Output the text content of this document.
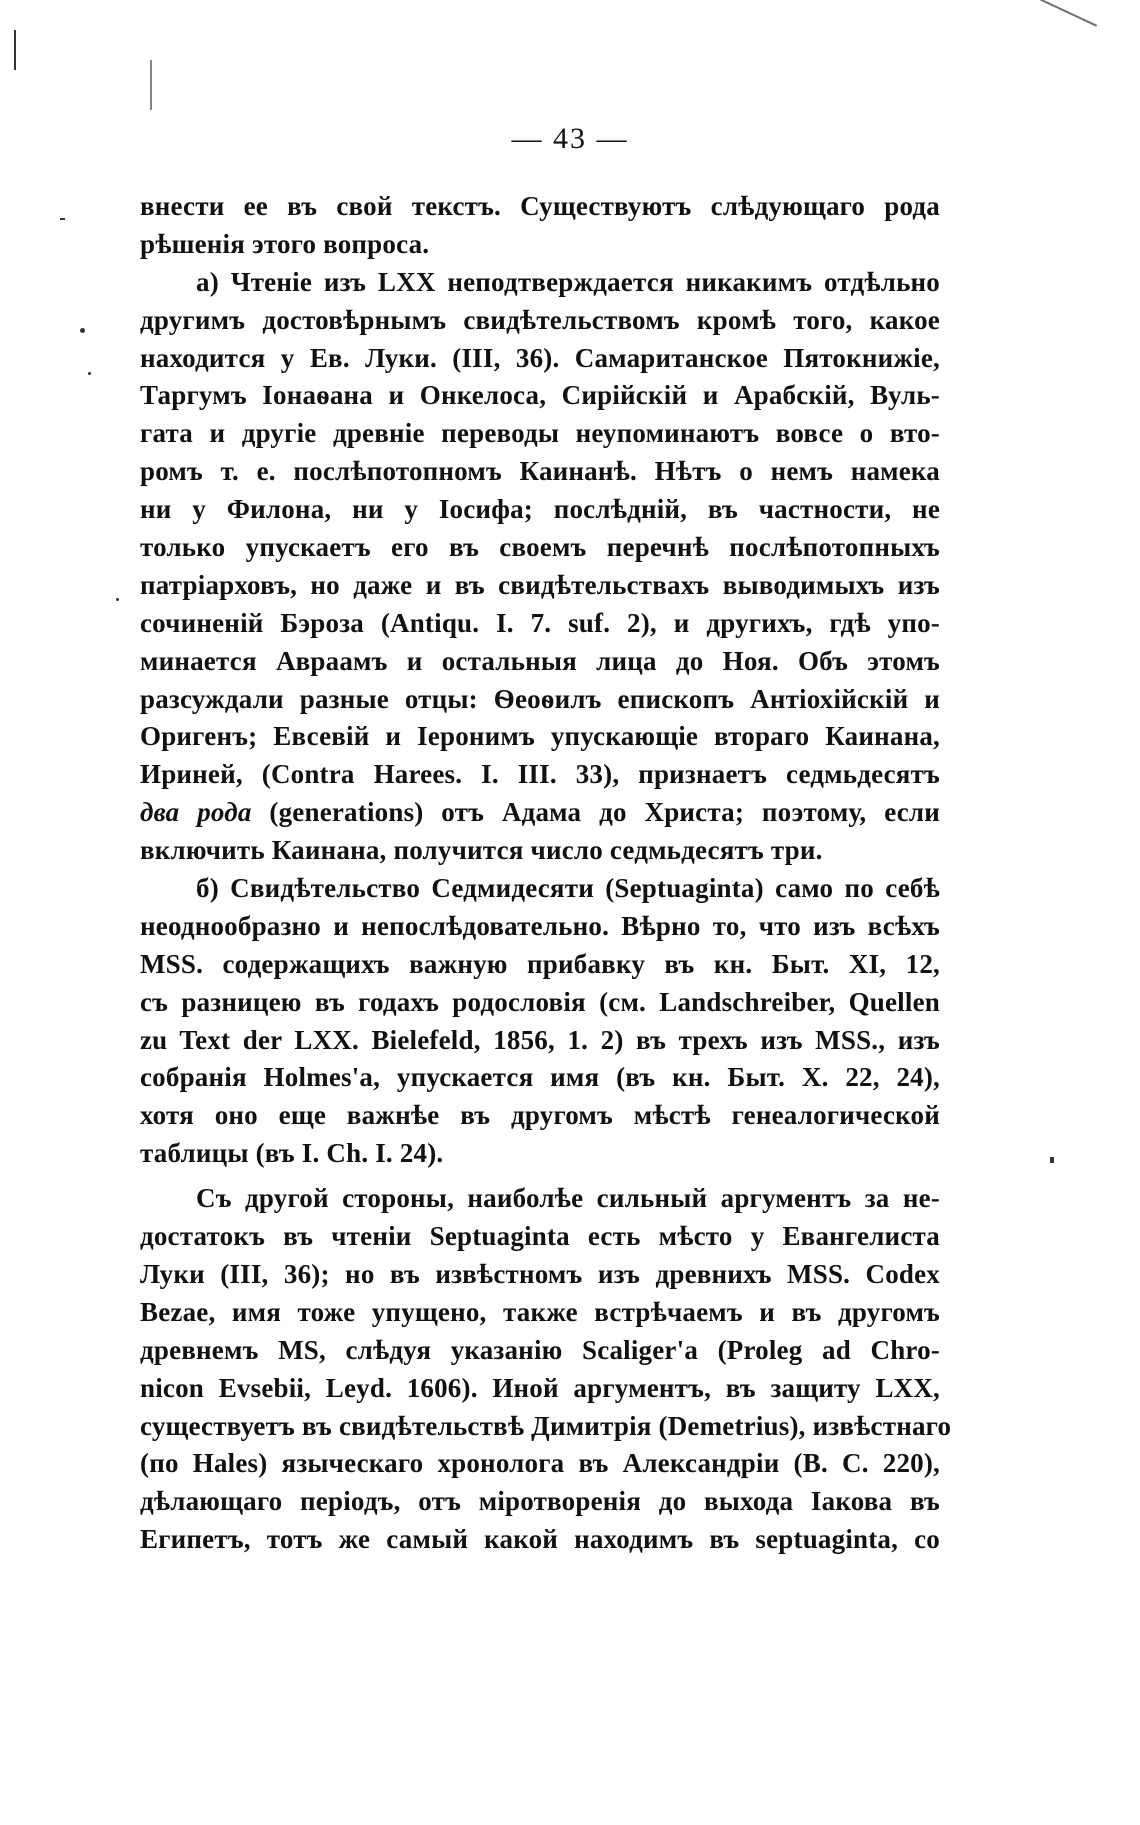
— 43 —
внести ее въ свой текстъ. Существуютъ слѣдующаго рода
рѣшенія этого вопроса.
а) Чтеніе изъ LXX неподтверждается никакимъ отдѣльно
другимъ достовѣрнымъ свидѣтельствомъ кромѣ того, какое
находится у Ев. Луки. (III, 36). Самаританское Пятокнижіе,
Таргумъ Іонаѳана и Онкелоса, Сирійскій и Арабскій, Вуль-
гата и другіе древніе переводы неупоминаютъ вовсе о вто-
ромъ т. е. послѣпотопномъ Каинанѣ. Нѣтъ о немъ намека
ни у Филона, ни у Іосифа; послѣдній, въ частности, не
только упускаетъ его въ своемъ перечнѣ послѣпотопныхъ
патріарховъ, но даже и въ свидѣтельствахъ выводимыхъ изъ
сочиненій Бэроза (Antiqu. I. 7. suf. 2), и другихъ, гдѣ упо-
минается Авраамъ и остальныя лица до Ноя. Объ этомъ
разсуждали разные отцы: Ѳеоѳилъ епископъ Антіохійскій и
Оригенъ; Евсевій и Іеронимъ упускающіе втораго Каинана,
Ириней, (Contra Harees. I. III. 33), признаетъ седмьдесятъ
два рода (generations) отъ Адама до Христа; поэтому, если
включить Каинана, получится число седмьдесятъ три.
б) Свидѣтельство Седмидесяти (Septuaginta) само по себѣ
неоднообразно и непослѣдовательно. Вѣрно то, что изъ всѣхъ
MSS. содержащихъ важную прибавку въ кн. Быт. XI, 12,
съ разницею въ годахъ родословія (см. Landschreiber, Quellen
zu Text der LXX. Bielefeld, 1856, 1. 2) въ трехъ изъ MSS., изъ
собранія Holmes'a, упускается имя (въ кн. Быт. X. 22, 24),
хотя оно еще важнѣе въ другомъ мѣстѣ генеалогической
таблицы (въ I. Ch. I. 24).
Съ другой стороны, наиболѣе сильный аргументъ за не-
достатокъ въ чтеніи Septuaginta есть мѣсто у Евангелиста
Луки (III, 36); но въ извѣстномъ изъ древнихъ MSS. Codex
Bezae, имя тоже упущено, также встрѣчаемъ и въ другомъ
древнемъ MS, слѣдуя указанію Scaliger'a (Proleg ad Chro-
nicon Evsebii, Leyd. 1606). Иной аргументъ, въ защиту LXX,
существуетъ въ свидѣтельствѣ Димитрія (Demetrius), извѣстнаго
(по Hales) языческаго хронолога въ Александріи (B. C. 220),
дѣлающаго періодъ, отъ міротворенія до выхода Іакова въ
Египетъ, тотъ же самый какой находимъ въ septuaginta, со
